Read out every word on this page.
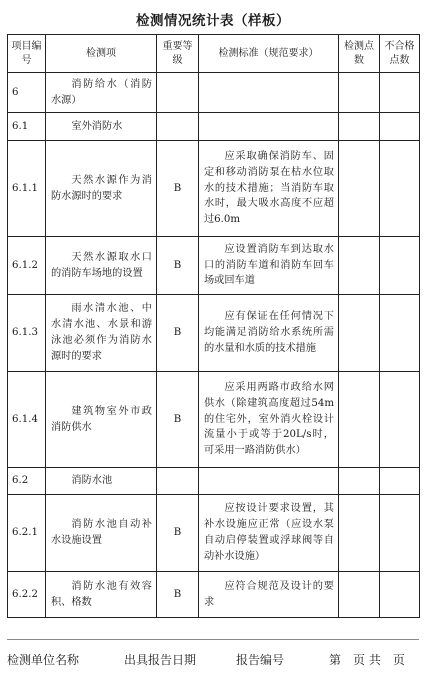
检测情况统计表（样板）
项目编号	检测项	重要等级	检测标准（规范要求）	检测点数	不合格点数
6	消防给水（消防水源）				
6.1	室外消防水				
6.1.1	天然水源作为消防水源时的要求	B	应采取确保消防车、固定和移动消防泵在枯水位取水的技术措施；当消防车取水时，最大吸水高度不应超过6.0m		
6.1.2	天然水源取水口的消防车场地的设置	B	应设置消防车到达取水口的消防车道和消防车回车场或回车道		
6.1.3	雨水清水池、中水清水池、水景和游泳池必须作为消防水源时的要求	B	应有保证在任何情况下均能满足消防给水系统所需的水量和水质的技术措施		
6.1.4	建筑物室外市政消防供水	B	应采用两路市政给水网供水（除建筑高度超过54m的住宅外，室外消火栓设计流量小于或等于20L/s时，可采用一路消防供水）		
6.2	消防水池				
6.2.1	消防水池自动补水设施设置	B	应按设计要求设置，其补水设施应正常（应设水泵自动启停装置或浮球阀等自动补水设施）		
6.2.2	消防水池有效容积、格数	B	应符合规范及设计的要求		
检测单位名称	出具报告日期	报告编号	第　页 共　页
